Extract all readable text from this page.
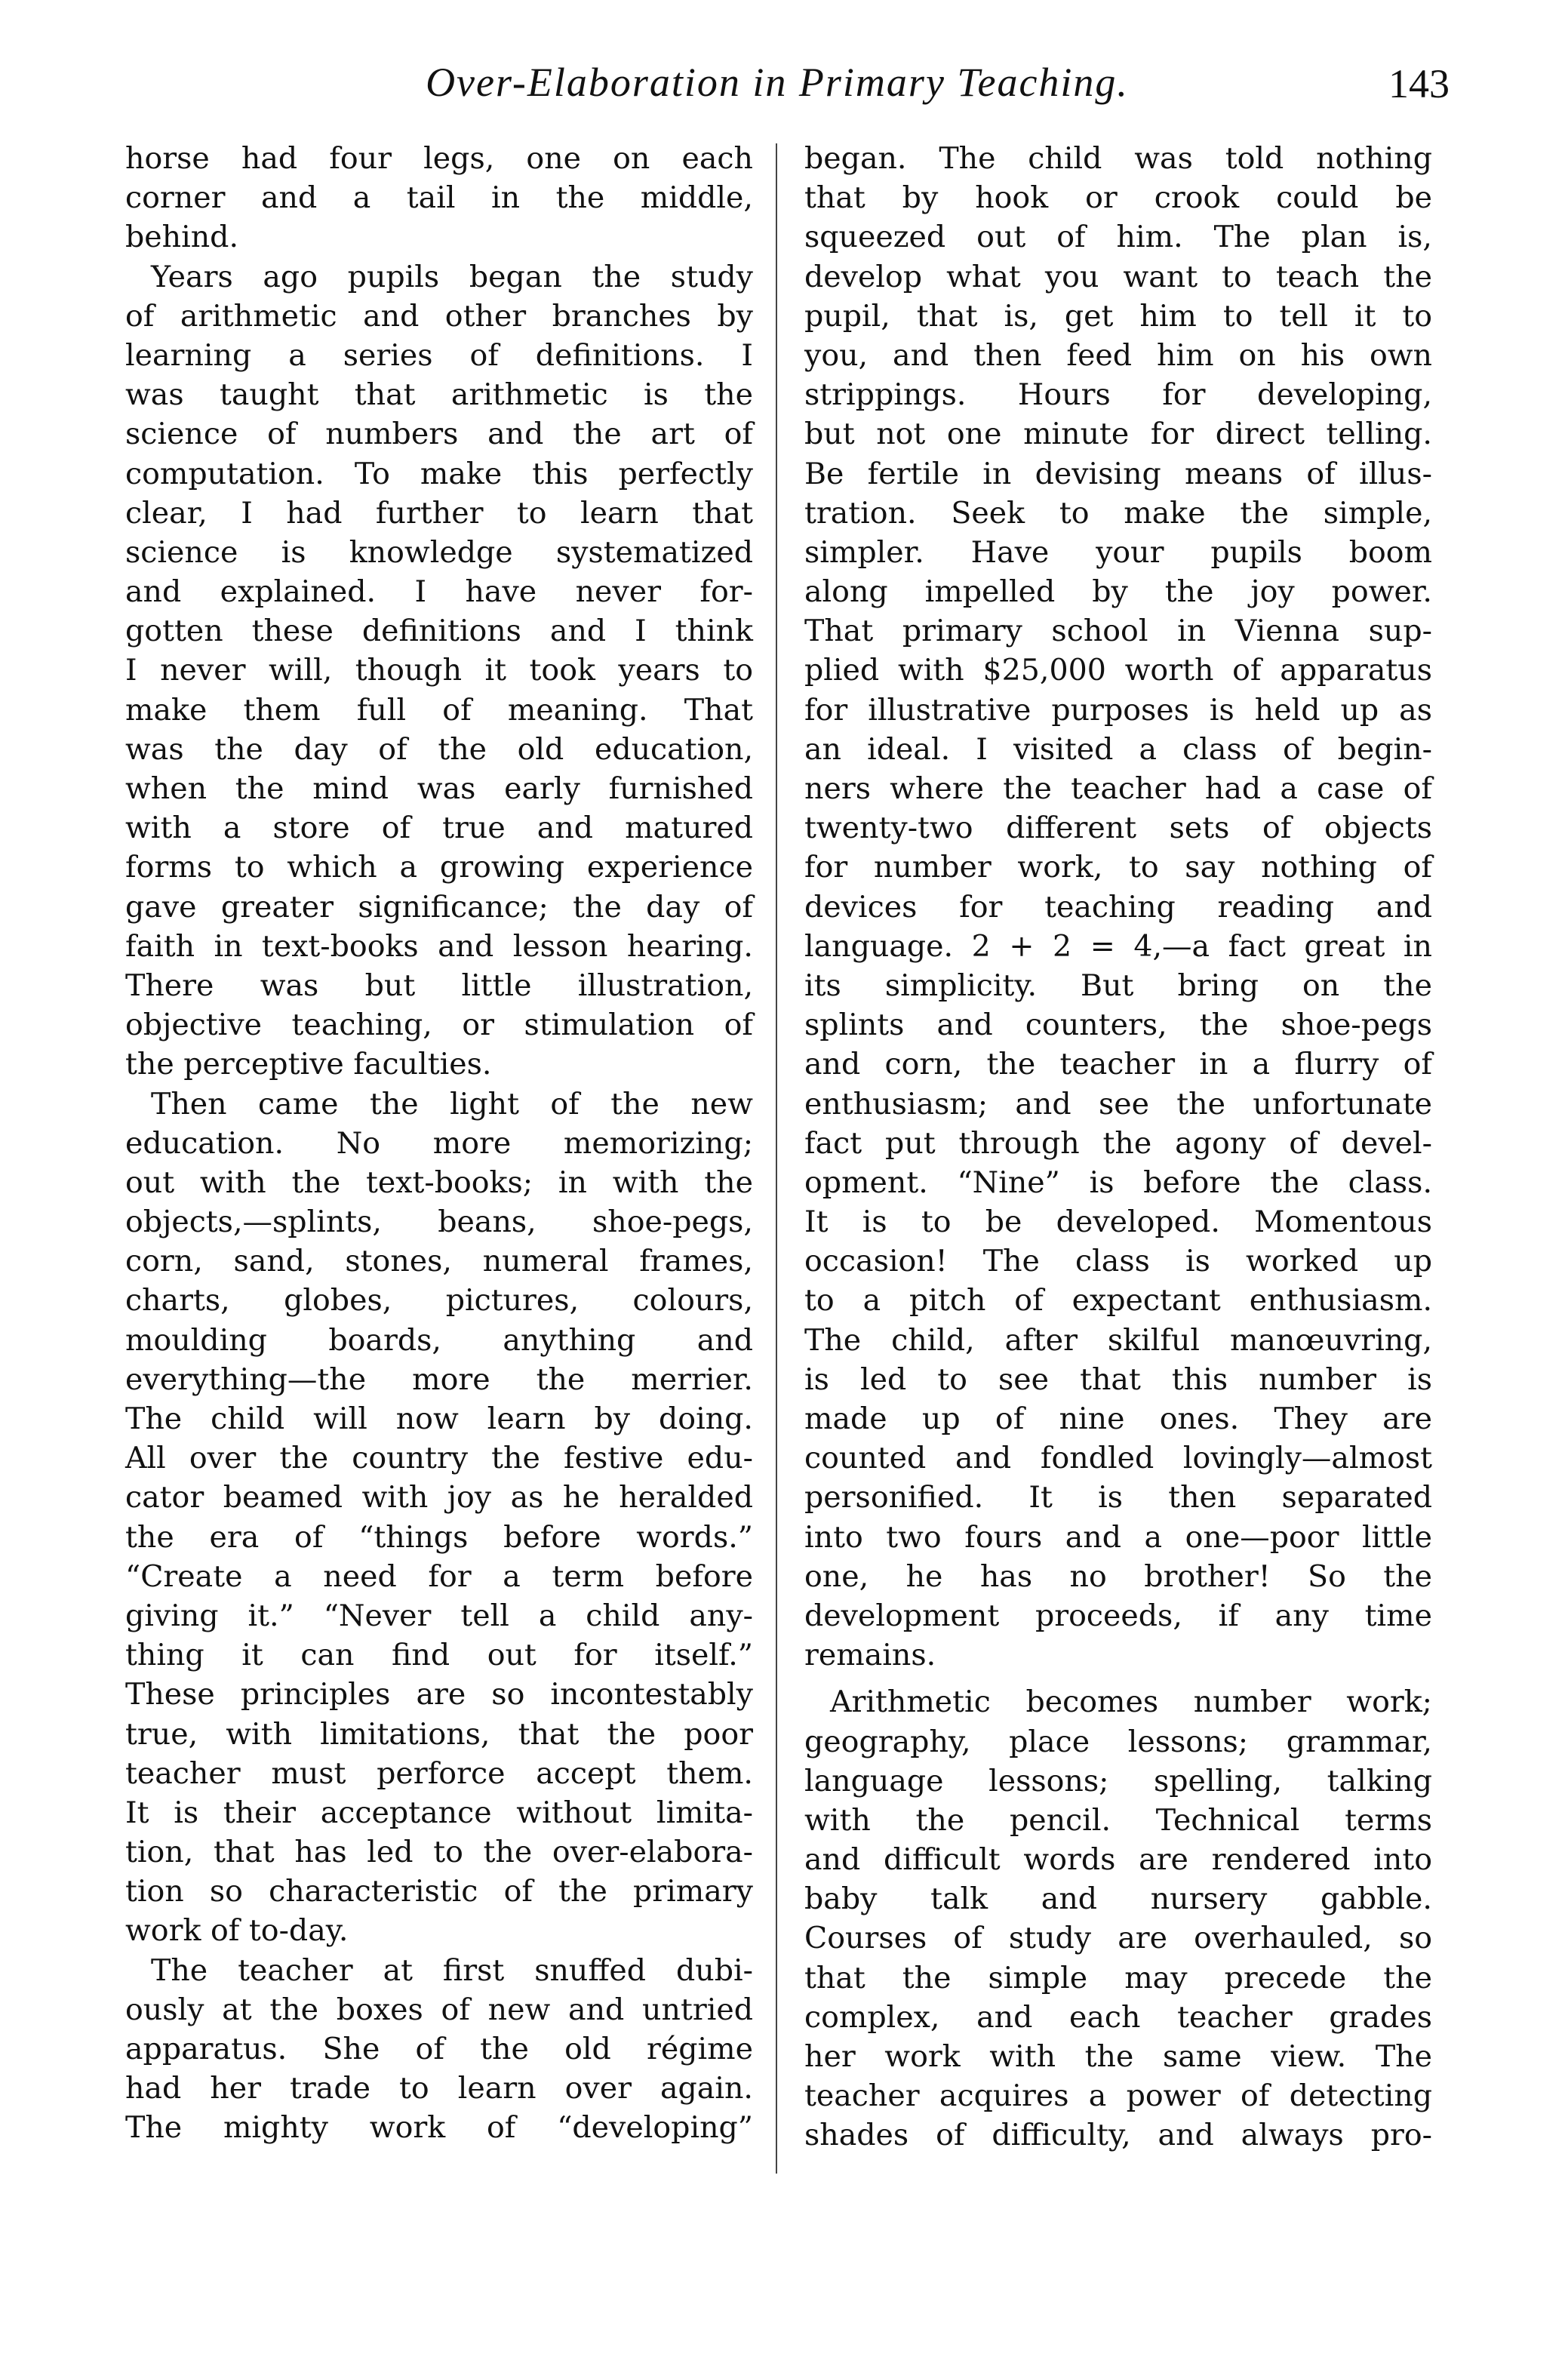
Over-Elaboration in Primary Teaching.	143
horse had four legs, one on each
corner and a tail in the middle,
behind.
Years ago pupils began the study
of arithmetic and other branches by
learning a series of definitions. I
was taught that arithmetic is the
science of numbers and the art of
computation. To make this perfectly
clear, I had further to learn that
science is knowledge systematized
and explained. I have never for-
gotten these definitions and I think
I never will, though it took years to
make them full of meaning. That
was the day of the old education,
when the mind was early furnished
with a store of true and matured
forms to which a growing experience
gave greater significance; the day of
faith in text-books and lesson hearing.
There was but little illustration,
objective teaching, or stimulation of
the perceptive faculties.
Then came the light of the new
education. No more memorizing;
out with the text-books; in with the
objects,—splints, beans, shoe-pegs,
corn, sand, stones, numeral frames,
charts, globes, pictures, colours,
moulding boards, anything and
everything—the more the merrier.
The child will now learn by doing.
All over the country the festive edu-
cator beamed with joy as he heralded
the era of “things before words.”
“Create a need for a term before
giving it.” “Never tell a child any-
thing it can find out for itself.”
These principles are so incontestably
true, with limitations, that the poor
teacher must perforce accept them.
It is their acceptance without limita-
tion, that has led to the over-elabora-
tion so characteristic of the primary
work of to-day.
The teacher at first snuffed dubi-
ously at the boxes of new and untried
apparatus. She of the old régime
had her trade to learn over again.
The mighty work of “developing”
began. The child was told nothing
that by hook or crook could be
squeezed out of him. The plan is,
develop what you want to teach the
pupil, that is, get him to tell it to
you, and then feed him on his own
strippings. Hours for developing,
but not one minute for direct telling.
Be fertile in devising means of illus-
tration. Seek to make the simple,
simpler. Have your pupils boom
along impelled by the joy power.
That primary school in Vienna sup-
plied with $25,000 worth of apparatus
for illustrative purposes is held up as
an ideal. I visited a class of begin-
ners where the teacher had a case of
twenty-two different sets of objects
for number work, to say nothing of
devices for teaching reading and
language. 2 + 2 = 4,—a fact great in
its simplicity. But bring on the
splints and counters, the shoe-pegs
and corn, the teacher in a flurry of
enthusiasm; and see the unfortunate
fact put through the agony of devel-
opment. “Nine” is before the class.
It is to be developed. Momentous
occasion! The class is worked up
to a pitch of expectant enthusiasm.
The child, after skilful manœuvring,
is led to see that this number is
made up of nine ones. They are
counted and fondled lovingly—almost
personified. It is then separated
into two fours and a one—poor little
one, he has no brother! So the
development proceeds, if any time
remains.
Arithmetic becomes number work;
geography, place lessons; grammar,
language lessons; spelling, talking
with the pencil. Technical terms
and difficult words are rendered into
baby talk and nursery gabble.
Courses of study are overhauled, so
that the simple may precede the
complex, and each teacher grades
her work with the same view. The
teacher acquires a power of detecting
shades of difficulty, and always pro-
